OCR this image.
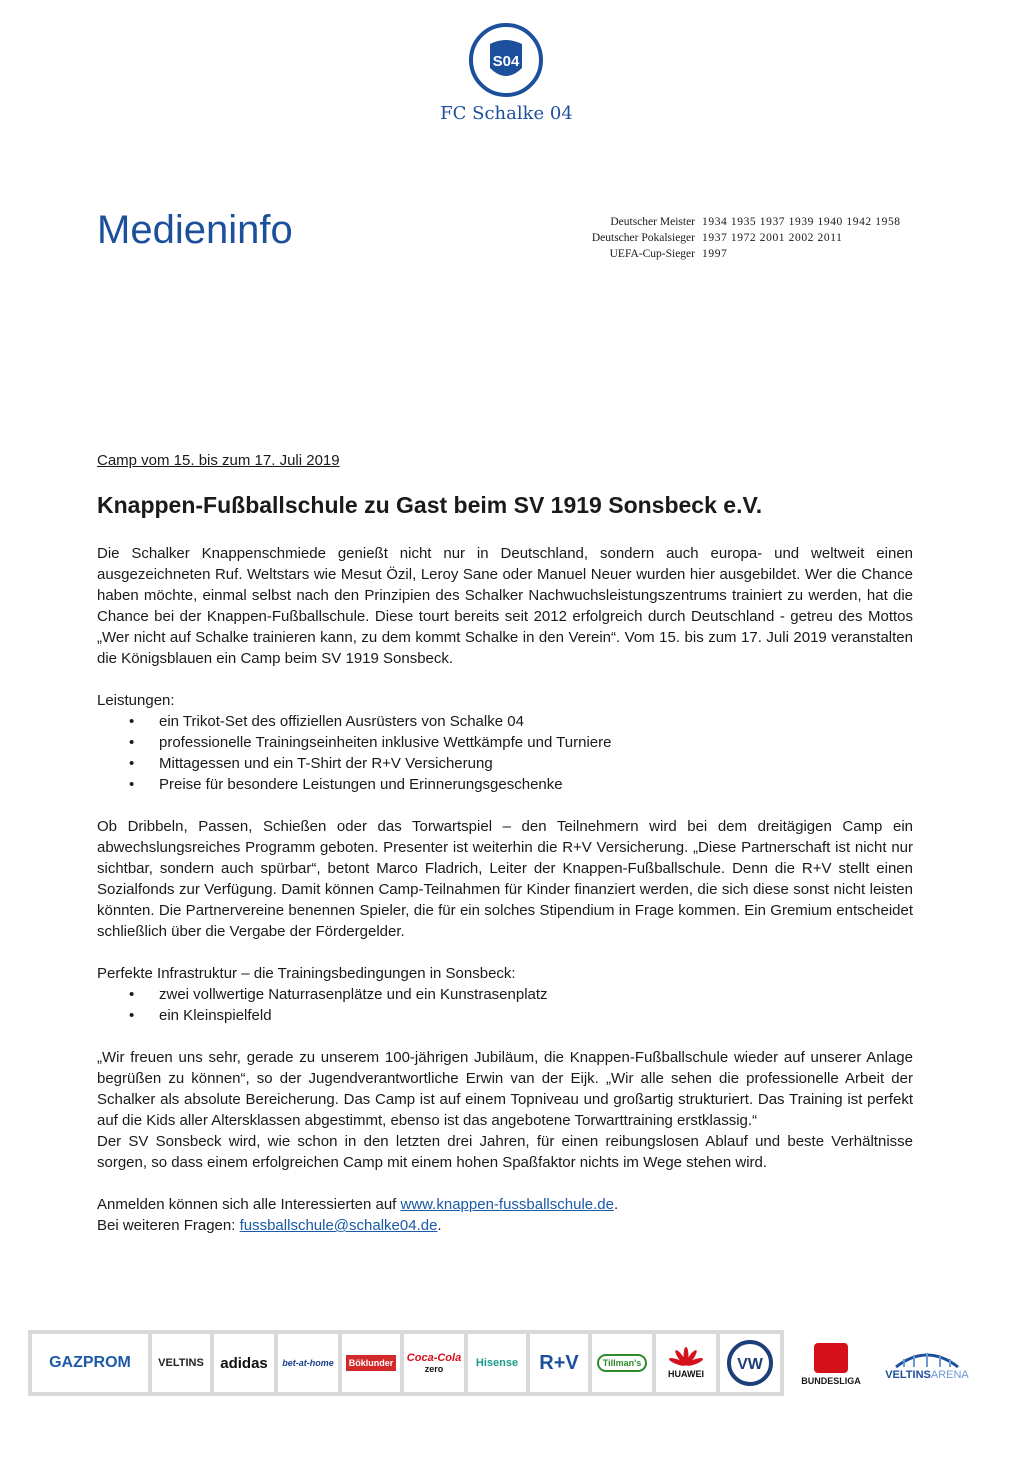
S04
FC Schalke 04
Medieninfo	Deutscher Meister 1934 1935 1937 1939 1940 1942 1958
Deutscher Pokalsieger 1937 1972 2001 2002 2011
UEFA-Cup-Sieger 1997

Camp vom 15. bis zum 17. Juli 2019

Knappen-Fußballschule zu Gast beim SV 1919 Sonsbeck e.V.

Die Schalker Knappenschmiede genießt nicht nur in Deutschland, sondern auch europa- und weltweit einen ausgezeichneten Ruf. Weltstars wie Mesut Özil, Leroy Sane oder Manuel Neuer wurden hier ausgebildet. Wer die Chance haben möchte, einmal selbst nach den Prinzipien des Schalker Nachwuchsleistungszentrums trainiert zu werden, hat die Chance bei der Knappen-Fußballschule. Diese tourt bereits seit 2012 erfolgreich durch Deutschland - getreu des Mottos „Wer nicht auf Schalke trainieren kann, zu dem kommt Schalke in den Verein“. Vom 15. bis zum 17. Juli 2019 veranstalten die Königsblauen ein Camp beim SV 1919 Sonsbeck.

Leistungen:
• ein Trikot-Set des offiziellen Ausrüsters von Schalke 04
• professionelle Trainingseinheiten inklusive Wettkämpfe und Turniere
• Mittagessen und ein T-Shirt der R+V Versicherung
• Preise für besondere Leistungen und Erinnerungsgeschenke

Ob Dribbeln, Passen, Schießen oder das Torwartspiel – den Teilnehmern wird bei dem dreitägigen Camp ein abwechslungsreiches Programm geboten. Presenter ist weiterhin die R+V Versicherung. „Diese Partnerschaft ist nicht nur sichtbar, sondern auch spürbar“, betont Marco Fladrich, Leiter der Knappen-Fußballschule. Denn die R+V stellt einen Sozialfonds zur Verfügung. Damit können Camp-Teilnahmen für Kinder finanziert werden, die sich diese sonst nicht leisten könnten. Die Partnervereine benennen Spieler, die für ein solches Stipendium in Frage kommen. Ein Gremium entscheidet schließlich über die Vergabe der Fördergelder.

Perfekte Infrastruktur – die Trainingsbedingungen in Sonsbeck:
• zwei vollwertige Naturrasenplätze und ein Kunstrasenplatz
• ein Kleinspielfeld

„Wir freuen uns sehr, gerade zu unserem 100-jährigen Jubiläum, die Knappen-Fußballschule wieder auf unserer Anlage begrüßen zu können“, so der Jugendverantwortliche Erwin van der Eijk. „Wir alle sehen die professionelle Arbeit der Schalker als absolute Bereicherung. Das Camp ist auf einem Topniveau und großartig strukturiert. Das Training ist perfekt auf die Kids aller Altersklassen abgestimmt, ebenso ist das angebotene Torwarttraining erstklassig.“

Der SV Sonsbeck wird, wie schon in den letzten drei Jahren, für einen reibungslosen Ablauf und beste Verhältnisse sorgen, so dass einem erfolgreichen Camp mit einem hohen Spaßfaktor nichts im Wege stehen wird.

Anmelden können sich alle Interessierten auf www.knappen-fussballschule.de.
Bei weiteren Fragen: fussballschule@schalke04.de.
GAZPROM VELTINS adidas bet-at-home	Böklunder Coca-Cola
zero	Hisense R+V	Tillman's
HUAWEI
VW
BUNDESLIGA VELTINSARENA
